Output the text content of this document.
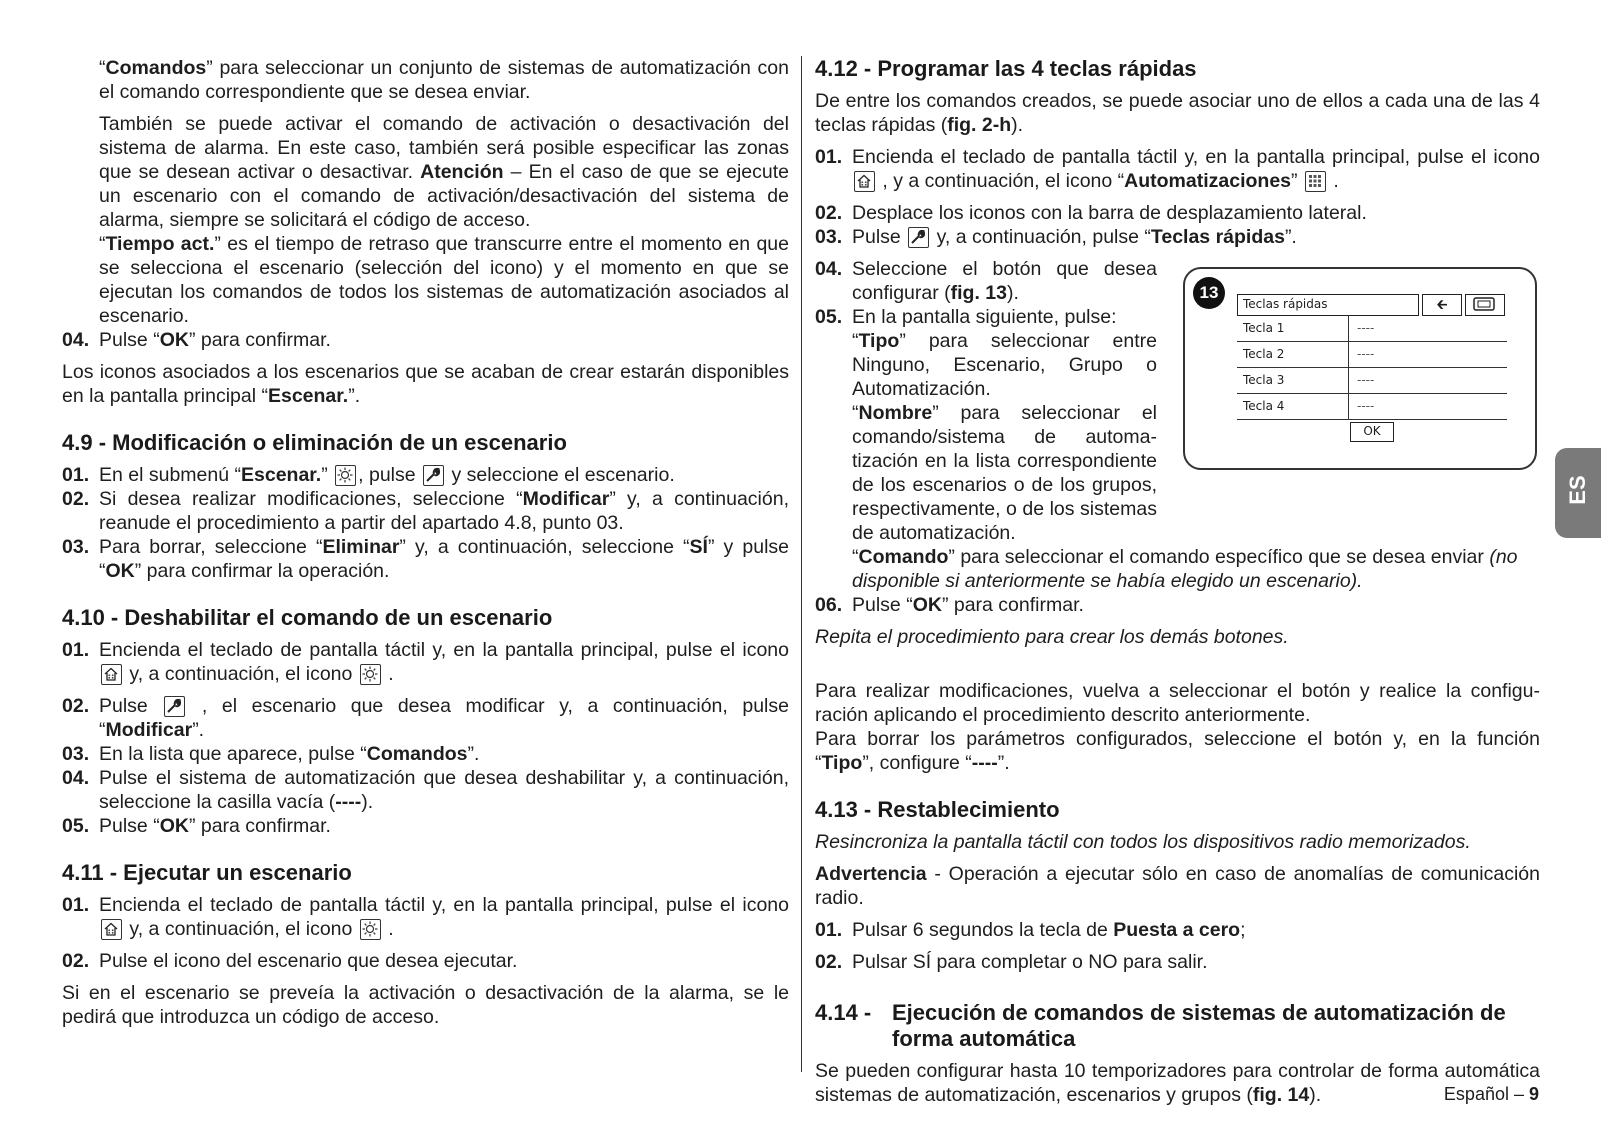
“Comandos” para seleccionar un conjunto de sistemas de automatización con el comando correspondiente que se desea enviar.

También se puede activar el comando de activación o desactivación del sistema de alarma. En este caso, también será posible especificar las zonas que se desean activar o desactivar. Atención – En el caso de que se ejecute un escenario con el comando de activación/desactivación del sistema de alarma, siempre se solicitará el código de acceso.

“Tiempo act.” es el tiempo de retraso que transcurre entre el momento en que se selecciona el escenario (selección del icono) y el momento en que se ejecutan los comandos de todos los sistemas de automatización asociados al escenario.

04. Pulse “OK” para confirmar.

Los iconos asociados a los escenarios que se acaban de crear estarán disponibles en la pantalla principal “Escenar.”.

4.9 - Modificación o eliminación de un escenario
01. En el submenú “Escenar.”
, pulse
y seleccione el escenario.
02. Si desea realizar modificaciones, seleccione “Modificar” y, a continuación, reanude el procedimiento a partir del apartado 4.8, punto 03.
03. Para borrar, seleccione “Eliminar” y, a continuación, seleccione “SÍ” y pulse “OK” para confirmar la operación.
4.10 - Deshabilitar el comando de un escenario
01. Encienda el teclado de pantalla táctil y, en la pantalla principal, pulse el icono
y, a continuación, el icono
.
02. Pulse
, el escenario que desea modificar y, a continuación, pulse “Modificar”.
03. En la lista que aparece, pulse “Comandos”.
04. Pulse el sistema de automatización que desea deshabilitar y, a continuación, seleccione la casilla vacía (----).
05. Pulse “OK” para confirmar.
4.11 - Ejecutar un escenario
01. Encienda el teclado de pantalla táctil y, en la pantalla principal, pulse el icono
y, a continuación, el icono
.
02. Pulse el icono del escenario que desea ejecutar.

Si en el escenario se preveía la activación o desactivación de la alarma, se le pedirá que introduzca un código de acceso.

4.12 - Programar las 4 teclas rápidas

De entre los comandos creados, se puede asociar uno de ellos a cada una de las 4 teclas rápidas (fig. 2-h).

01. Encienda el teclado de pantalla táctil y, en la pantalla principal, pulse el icono
, y a continuación, el icono “Automatizaciones”
.
02. Desplace los iconos con la barra de desplazamiento lateral.
03. Pulse
y, a continuación, pulse “Teclas rápidas”.
04. Seleccione el botón que desea configurar (fig. 13).
05. En la pantalla siguiente, pulse:

“Tipo” para seleccionar entre Ninguno, Escenario, Grupo o Automatización.

“Nombre” para seleccionar el comando/sistema de automatización en la lista correspondiente de los escenarios o de los grupos, respectivamente, o de los sistemas de automatización.

“Comando” para seleccionar el comando específico que se desea enviar (no disponible si anteriormente se había elegido un escenario).

06. Pulse “OK” para confirmar.

Repita el procedimiento para crear los demás botones.

Para realizar modificaciones, vuelva a seleccionar el botón y realice la configuración aplicando el procedimiento descrito anteriormente.

Para borrar los parámetros configurados, seleccione el botón y, en la función “Tipo”, configure “----”.

4.13 - Restablecimiento

Resincroniza la pantalla táctil con todos los dispositivos radio memorizados.

Advertencia - Operación a ejecutar sólo en caso de anomalías de comunicación radio.

01. Pulsar 6 segundos la tecla de Puesta a cero;
02. Pulsar SÍ para completar o NO para salir.
4.14 - Ejecución de comandos de sistemas de automatización de forma automática

Se pueden configurar hasta 10 temporizadores para controlar de forma automática sistemas de automatización, escenarios y grupos (fig. 14).

13
Teclas rápidas	🡰
Tecla 1	----
Tecla 2	----
Tecla 3	----
Tecla 4	----
OK
ES
Español – 9
